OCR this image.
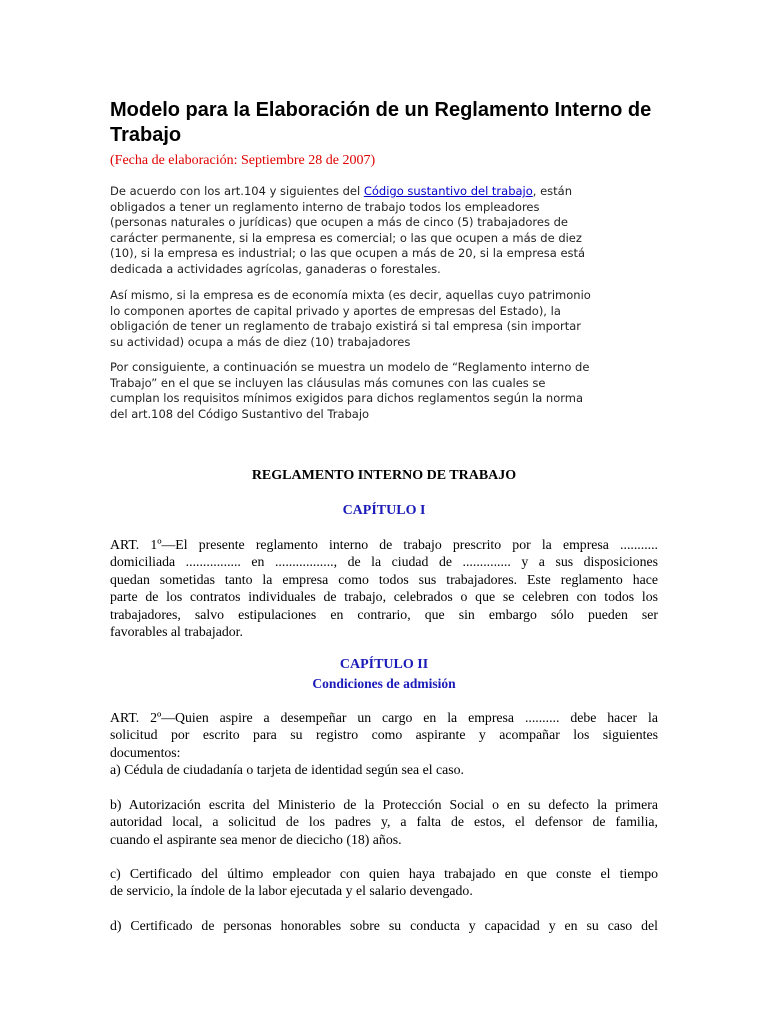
Modelo para la Elaboración de un Reglamento Interno de Trabajo

(Fecha de elaboración: Septiembre 28 de 2007)

De acuerdo con los art.104 y siguientes del Código sustantivo del trabajo, están
obligados a tener un reglamento interno de trabajo todos los empleadores
(personas naturales o jurídicas) que ocupen a más de cinco (5) trabajadores de
carácter permanente, si la empresa es comercial; o las que ocupen a más de diez
(10), si la empresa es industrial; o las que ocupen a más de 20, si la empresa está
dedicada a actividades agrícolas, ganaderas o forestales.

Así mismo, si la empresa es de economía mixta (es decir, aquellas cuyo patrimonio
lo componen aportes de capital privado y aportes de empresas del Estado), la
obligación de tener un reglamento de trabajo existirá si tal empresa (sin importar
su actividad) ocupa a más de diez (10) trabajadores

Por consiguiente, a continuación se muestra un modelo de “Reglamento interno de
Trabajo” en el que se incluyen las cláusulas más comunes con las cuales se
cumplan los requisitos mínimos exigidos para dichos reglamentos según la norma
del art.108 del Código Sustantivo del Trabajo

REGLAMENTO INTERNO DE TRABAJO
CAPÍTULO I
ART. 1º—El presente reglamento interno de trabajo prescrito por la empresa ...........
domiciliada ................ en ................., de la ciudad de .............. y a sus disposiciones
quedan sometidas tanto la empresa como todos sus trabajadores. Este reglamento hace
parte de los contratos individuales de trabajo, celebrados o que se celebren con todos los
trabajadores, salvo estipulaciones en contrario, que sin embargo sólo pueden ser
favorables al trabajador.
CAPÍTULO II
Condiciones de admisión
ART. 2º—Quien aspire a desempeñar un cargo en la empresa .......... debe hacer la
solicitud por escrito para su registro como aspirante y acompañar los siguientes
documentos:
a) Cédula de ciudadanía o tarjeta de identidad según sea el caso.
b) Autorización escrita del Ministerio de la Protección Social o en su defecto la primera
autoridad local, a solicitud de los padres y, a falta de estos, el defensor de familia,
cuando el aspirante sea menor de diecicho (18) años.
c) Certificado del último empleador con quien haya trabajado en que conste el tiempo
de servicio, la índole de la labor ejecutada y el salario devengado.
d) Certificado de personas honorables sobre su conducta y capacidad y en su caso del
